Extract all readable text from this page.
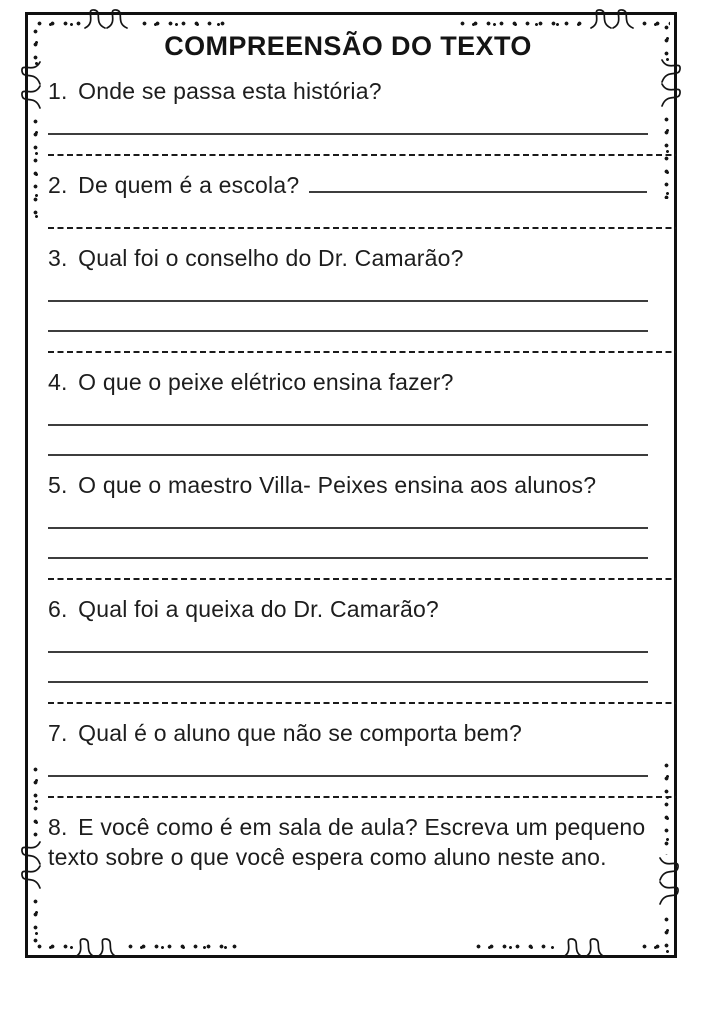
COMPREENSÃO DO TEXTO

1. Onde se passa esta história?

2. De quem é a escola?

3. Qual foi o conselho do Dr. Camarão?

4. O que o peixe elétrico ensina fazer?

5. O que o maestro Villa- Peixes ensina aos alunos?

6. Qual foi a queixa do Dr. Camarão?

7. Qual é o aluno que não se comporta bem?

8. E você como é em sala de aula? Escreva um pequeno texto sobre o que você espera como aluno neste ano.
